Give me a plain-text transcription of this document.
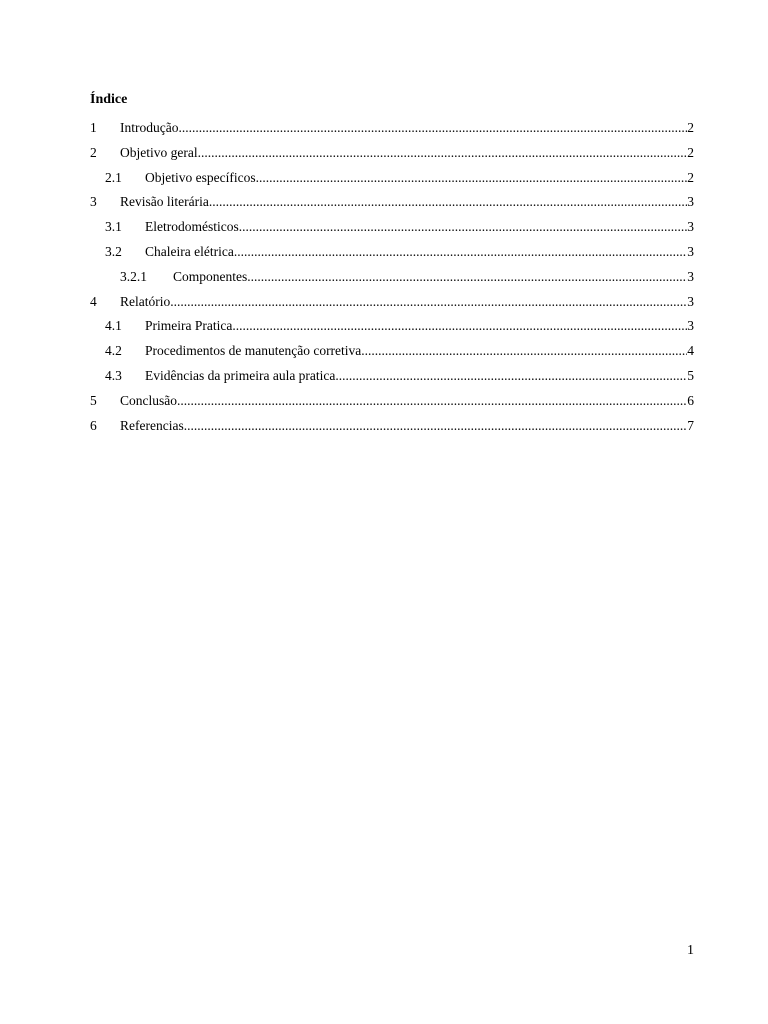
Índice
1	Introdução .....	2
2	Objetivo geral .....	2
2.1	Objetivo específicos .....	2
3	Revisão literária .....	3
3.1	Eletrodomésticos .....	3
3.2	Chaleira elétrica .....	3
3.2.1	Componentes .....	3
4	Relatório .....	3
4.1	Primeira Pratica .....	3
4.2	Procedimentos de manutenção corretiva .....	4
4.3	Evidências da primeira aula pratica .....	5
5	Conclusão .....	6
6	Referencias .....	7
1
